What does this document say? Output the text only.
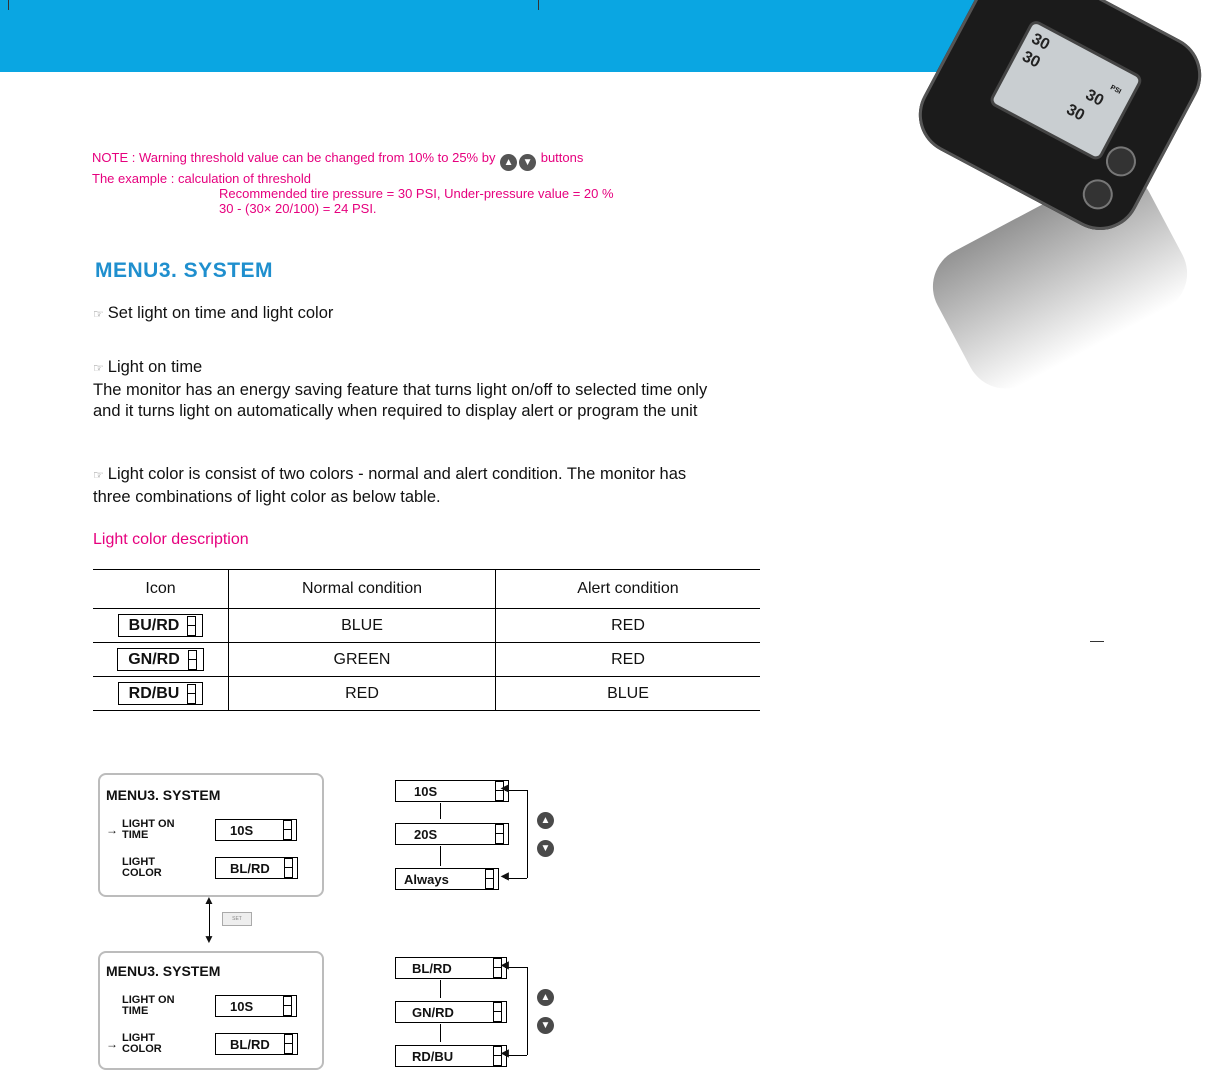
30
30
30
30
PSI
NOTE : Warning threshold value can be changed from 10% to 25% by ▲ ▼ buttons
The example : calculation of threshold
Recommended tire pressure = 30 PSI, Under-pressure value = 20 %
30 - (30× 20/100) = 24 PSI.
MENU3. SYSTEM
☞ Set light on time and light color
☞ Light on time
The monitor has an energy saving feature that turns light on/off to selected time only
and it turns light on automatically when required to display alert or program the unit
☞ Light color is consist of two colors - normal and alert condition. The monitor has
three combinations of light color as below table.
Light color description
Icon	Normal condition	Alert condition

BU/RD	BLUE	RED

GN/RD	GREEN	RED

RD/BU	RED	BLUE
MENU3. SYSTEM
→ LIGHT ON
TIME	10S
LIGHT
COLOR	BL/RD
▲
▼
SET
MENU3. SYSTEM
LIGHT ON
TIME	10S
→ LIGHT
COLOR	BL/RD
10S
20S
Always
◀
◀
▲
▼
BL/RD
GN/RD
RD/BU
◀
◀
▲
▼
